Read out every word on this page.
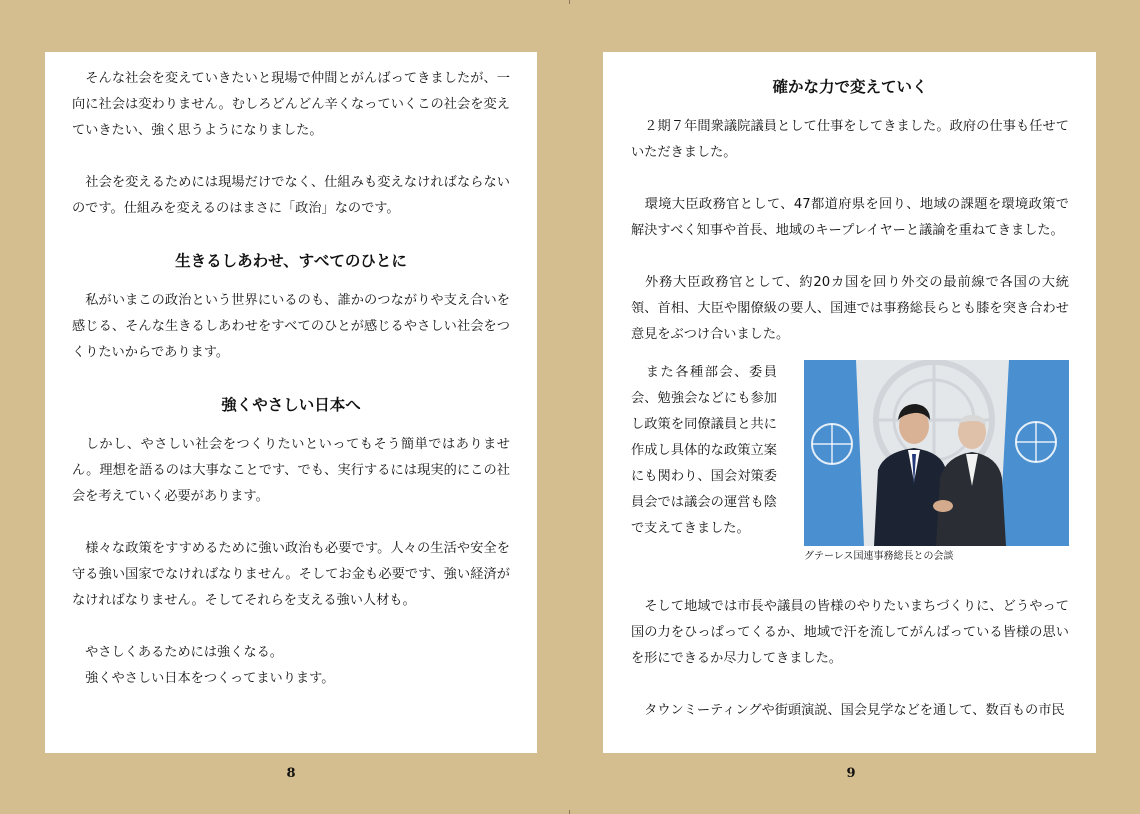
　そんな社会を変えていきたいと現場で仲間とがんばってきましたが、一向に社会は変わりません。むしろどんどん辛くなっていくこの社会を変えていきたい、強く思うようになりました。

　社会を変えるためには現場だけでなく、仕組みも変えなければならないのです。仕組みを変えるのはまさに「政治」なのです。

生きるしあわせ、すべてのひとに

　私がいまこの政治という世界にいるのも、誰かのつながりや支え合いを感じる、そんな生きるしあわせをすべてのひとが感じるやさしい社会をつくりたいからであります。

強くやさしい日本へ

　しかし、やさしい社会をつくりたいといってもそう簡単ではありません。理想を語るのは大事なことです、でも、実行するには現実的にこの社会を考えていく必要があります。

　様々な政策をすすめるために強い政治も必要です。人々の生活や安全を守る強い国家でなければなりません。そしてお金も必要です、強い経済がなければなりません。そしてそれらを支える強い人材も。

　やさしくあるためには強くなる。

　強くやさしい日本をつくってまいります。

確かな力で変えていく

　２期７年間衆議院議員として仕事をしてきました。政府の仕事も任せていただきました。

　環境大臣政務官として、47都道府県を回り、地域の課題を環境政策で解決すべく知事や首長、地域のキープレイヤーと議論を重ねてきました。

　外務大臣政務官として、約20カ国を回り外交の最前線で各国の大統領、首相、大臣や閣僚級の要人、国連では事務総長らとも膝を突き合わせ意見をぶつけ合いました。

　また各種部会、委員会、勉強会などにも参加し政策を同僚議員と共に作成し具体的な政策立案にも関わり、国会対策委員会では議会の運営も陰で支えてきました。

グテーレス国連事務総長との会談

　そして地域では市長や議員の皆様のやりたいまちづくりに、どうやって国の力をひっぱってくるか、地域で汗を流してがんばっている皆様の思いを形にできるか尽力してきました。

　タウンミーティングや街頭演説、国会見学などを通して、数百もの市民

8	9
